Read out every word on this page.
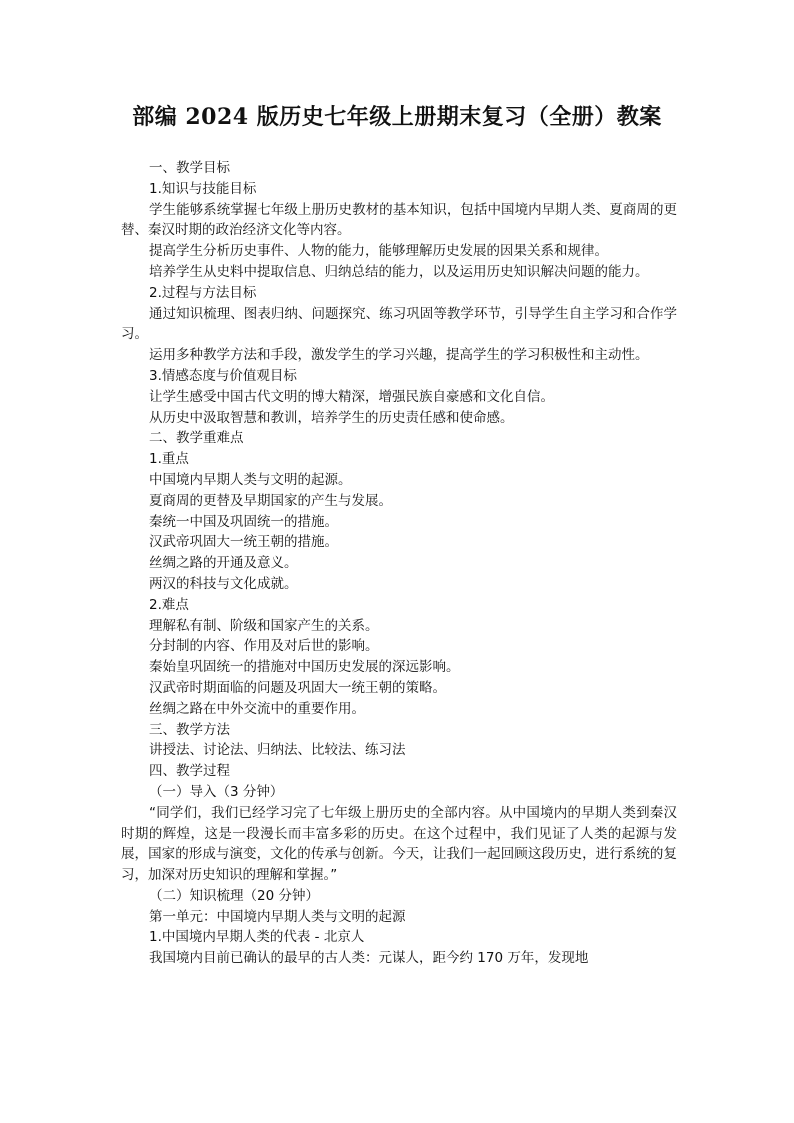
部编 2024 版历史七年级上册期末复习（全册）教案

一、教学目标

1.知识与技能目标

学生能够系统掌握七年级上册历史教材的基本知识，包括中国境内早期人类、夏商周的更替、秦汉时期的政治经济文化等内容。

提高学生分析历史事件、人物的能力，能够理解历史发展的因果关系和规律。

培养学生从史料中提取信息、归纳总结的能力，以及运用历史知识解决问题的能力。

2.过程与方法目标

通过知识梳理、图表归纳、问题探究、练习巩固等教学环节，引导学生自主学习和合作学习。

运用多种教学方法和手段，激发学生的学习兴趣，提高学生的学习积极性和主动性。

3.情感态度与价值观目标

让学生感受中国古代文明的博大精深，增强民族自豪感和文化自信。

从历史中汲取智慧和教训，培养学生的历史责任感和使命感。

二、教学重难点

1.重点

中国境内早期人类与文明的起源。

夏商周的更替及早期国家的产生与发展。

秦统一中国及巩固统一的措施。

汉武帝巩固大一统王朝的措施。

丝绸之路的开通及意义。

两汉的科技与文化成就。

2.难点

理解私有制、阶级和国家产生的关系。

分封制的内容、作用及对后世的影响。

秦始皇巩固统一的措施对中国历史发展的深远影响。

汉武帝时期面临的问题及巩固大一统王朝的策略。

丝绸之路在中外交流中的重要作用。

三、教学方法

讲授法、讨论法、归纳法、比较法、练习法

四、教学过程

（一）导入（3 分钟）

“同学们，我们已经学习完了七年级上册历史的全部内容。从中国境内的早期人类到秦汉时期的辉煌，这是一段漫长而丰富多彩的历史。在这个过程中，我们见证了人类的起源与发展，国家的形成与演变，文化的传承与创新。今天，让我们一起回顾这段历史，进行系统的复习，加深对历史知识的理解和掌握。”

（二）知识梳理（20 分钟）

第一单元：中国境内早期人类与文明的起源

1.中国境内早期人类的代表 - 北京人

我国境内目前已确认的最早的古人类：元谋人，距今约 170 万年，发现地
